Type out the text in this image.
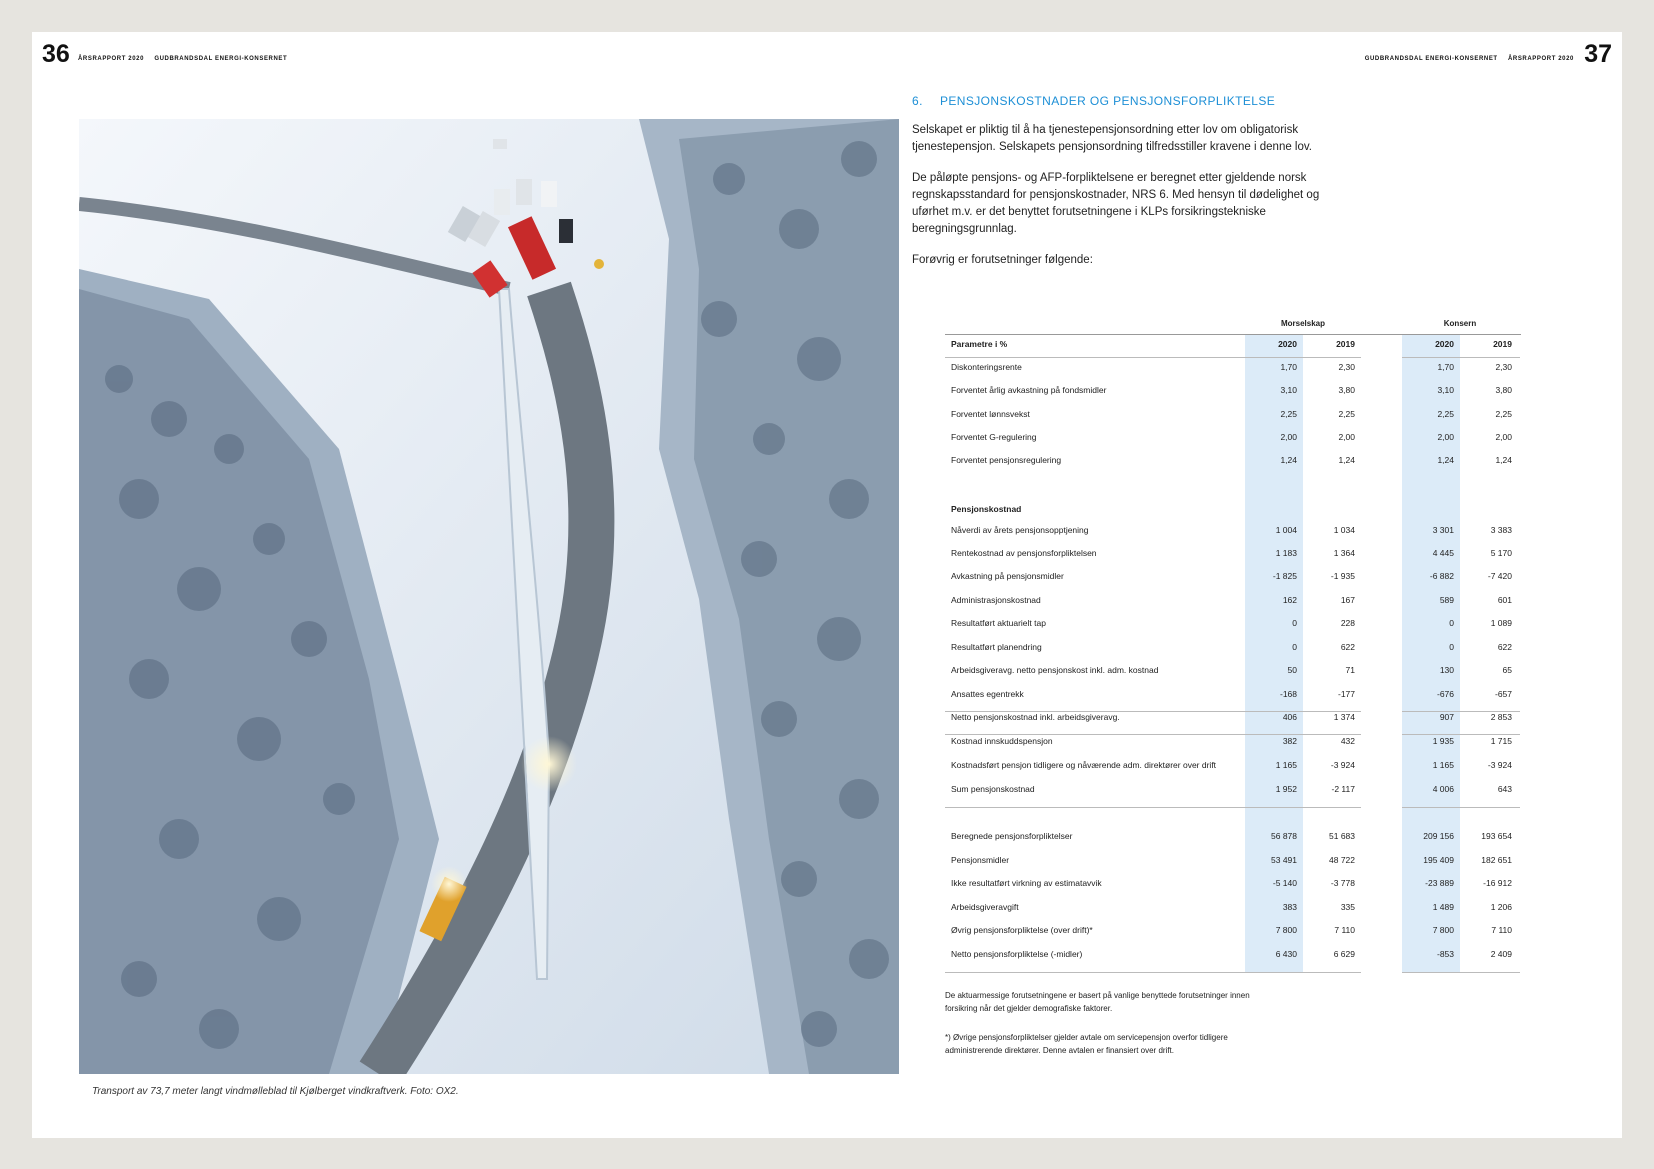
36 ÅRSRAPPORT 2020 GUDBRANDSDAL ENERGI-KONSERNET	37
GUDBRANDSDAL ENERGI-KONSERNET ÅRSRAPPORT 2020
Transport av 73,7 meter langt vindmølleblad til Kjølberget vindkraftverk. Foto: OX2.
6. PENSJONSKOSTNADER OG PENSJONSFORPLIKTELSE

Selskapet er pliktig til å ha tjenestepensjonsordning etter lov om obligatorisk tjenestepensjon. Selskapets pensjonsordning tilfredsstiller kravene i denne lov.

De påløpte pensjons- og AFP-forpliktelsene er beregnet etter gjeldende norsk regnskapsstandard for pensjonskostnader, NRS 6. Med hensyn til dødelighet og uførhet m.v. er det benyttet forutsetningene i KLPs forsikringstekniske beregningsgrunnlag.

Forøvrig er forutsetninger følgende:

Morselskap	Konsern
Parametre i %	2020	2019	2020	2019
Diskonteringsrente	1,70	2,30	1,70	2,30
Forventet årlig avkastning på fondsmidler	3,10	3,80	3,10	3,80
Forventet lønnsvekst	2,25	2,25	2,25	2,25
Forventet G-regulering	2,00	2,00	2,00	2,00
Forventet pensjonsregulering	1,24	1,24	1,24	1,24
Pensjonskostnad
Nåverdi av årets pensjonsopptjening	1 004	1 034	3 301	3 383
Rentekostnad av pensjonsforpliktelsen	1 183	1 364	4 445	5 170
Avkastning på pensjonsmidler	-1 825	-1 935	-6 882	-7 420
Administrasjonskostnad	162	167	589	601
Resultatført aktuarielt tap	0	228	0	1 089
Resultatført planendring	0	622	0	622
Arbeidsgiveravg. netto pensjonskost inkl. adm. kostnad	50	71	130	65
Ansattes egentrekk	-168	-177	-676	-657
Netto pensjonskostnad inkl. arbeidsgiveravg.	406	1 374	907	2 853
Kostnad innskuddspensjon	382	432	1 935	1 715
Kostnadsført pensjon tidligere og nåværende adm. direktører over drift	1 165	-3 924	1 165	-3 924
Sum pensjonskostnad	1 952	-2 117	4 006	643
Beregnede pensjonsforpliktelser	56 878	51 683	209 156	193 654
Pensjonsmidler	53 491	48 722	195 409	182 651
Ikke resultatført virkning av estimatavvik	-5 140	-3 778	-23 889	-16 912
Arbeidsgiveravgift	383	335	1 489	1 206
Øvrig pensjonsforpliktelse (over drift)*	7 800	7 110	7 800	7 110
Netto pensjonsforpliktelse (-midler)	6 430	6 629	-853	2 409
De aktuarmessige forutsetningene er basert på vanlige benyttede forutsetninger innen forsikring når det gjelder demografiske faktorer.
*) Øvrige pensjonsforpliktelser gjelder avtale om servicepensjon overfor tidligere administrerende direktører. Denne avtalen er finansiert over drift.
